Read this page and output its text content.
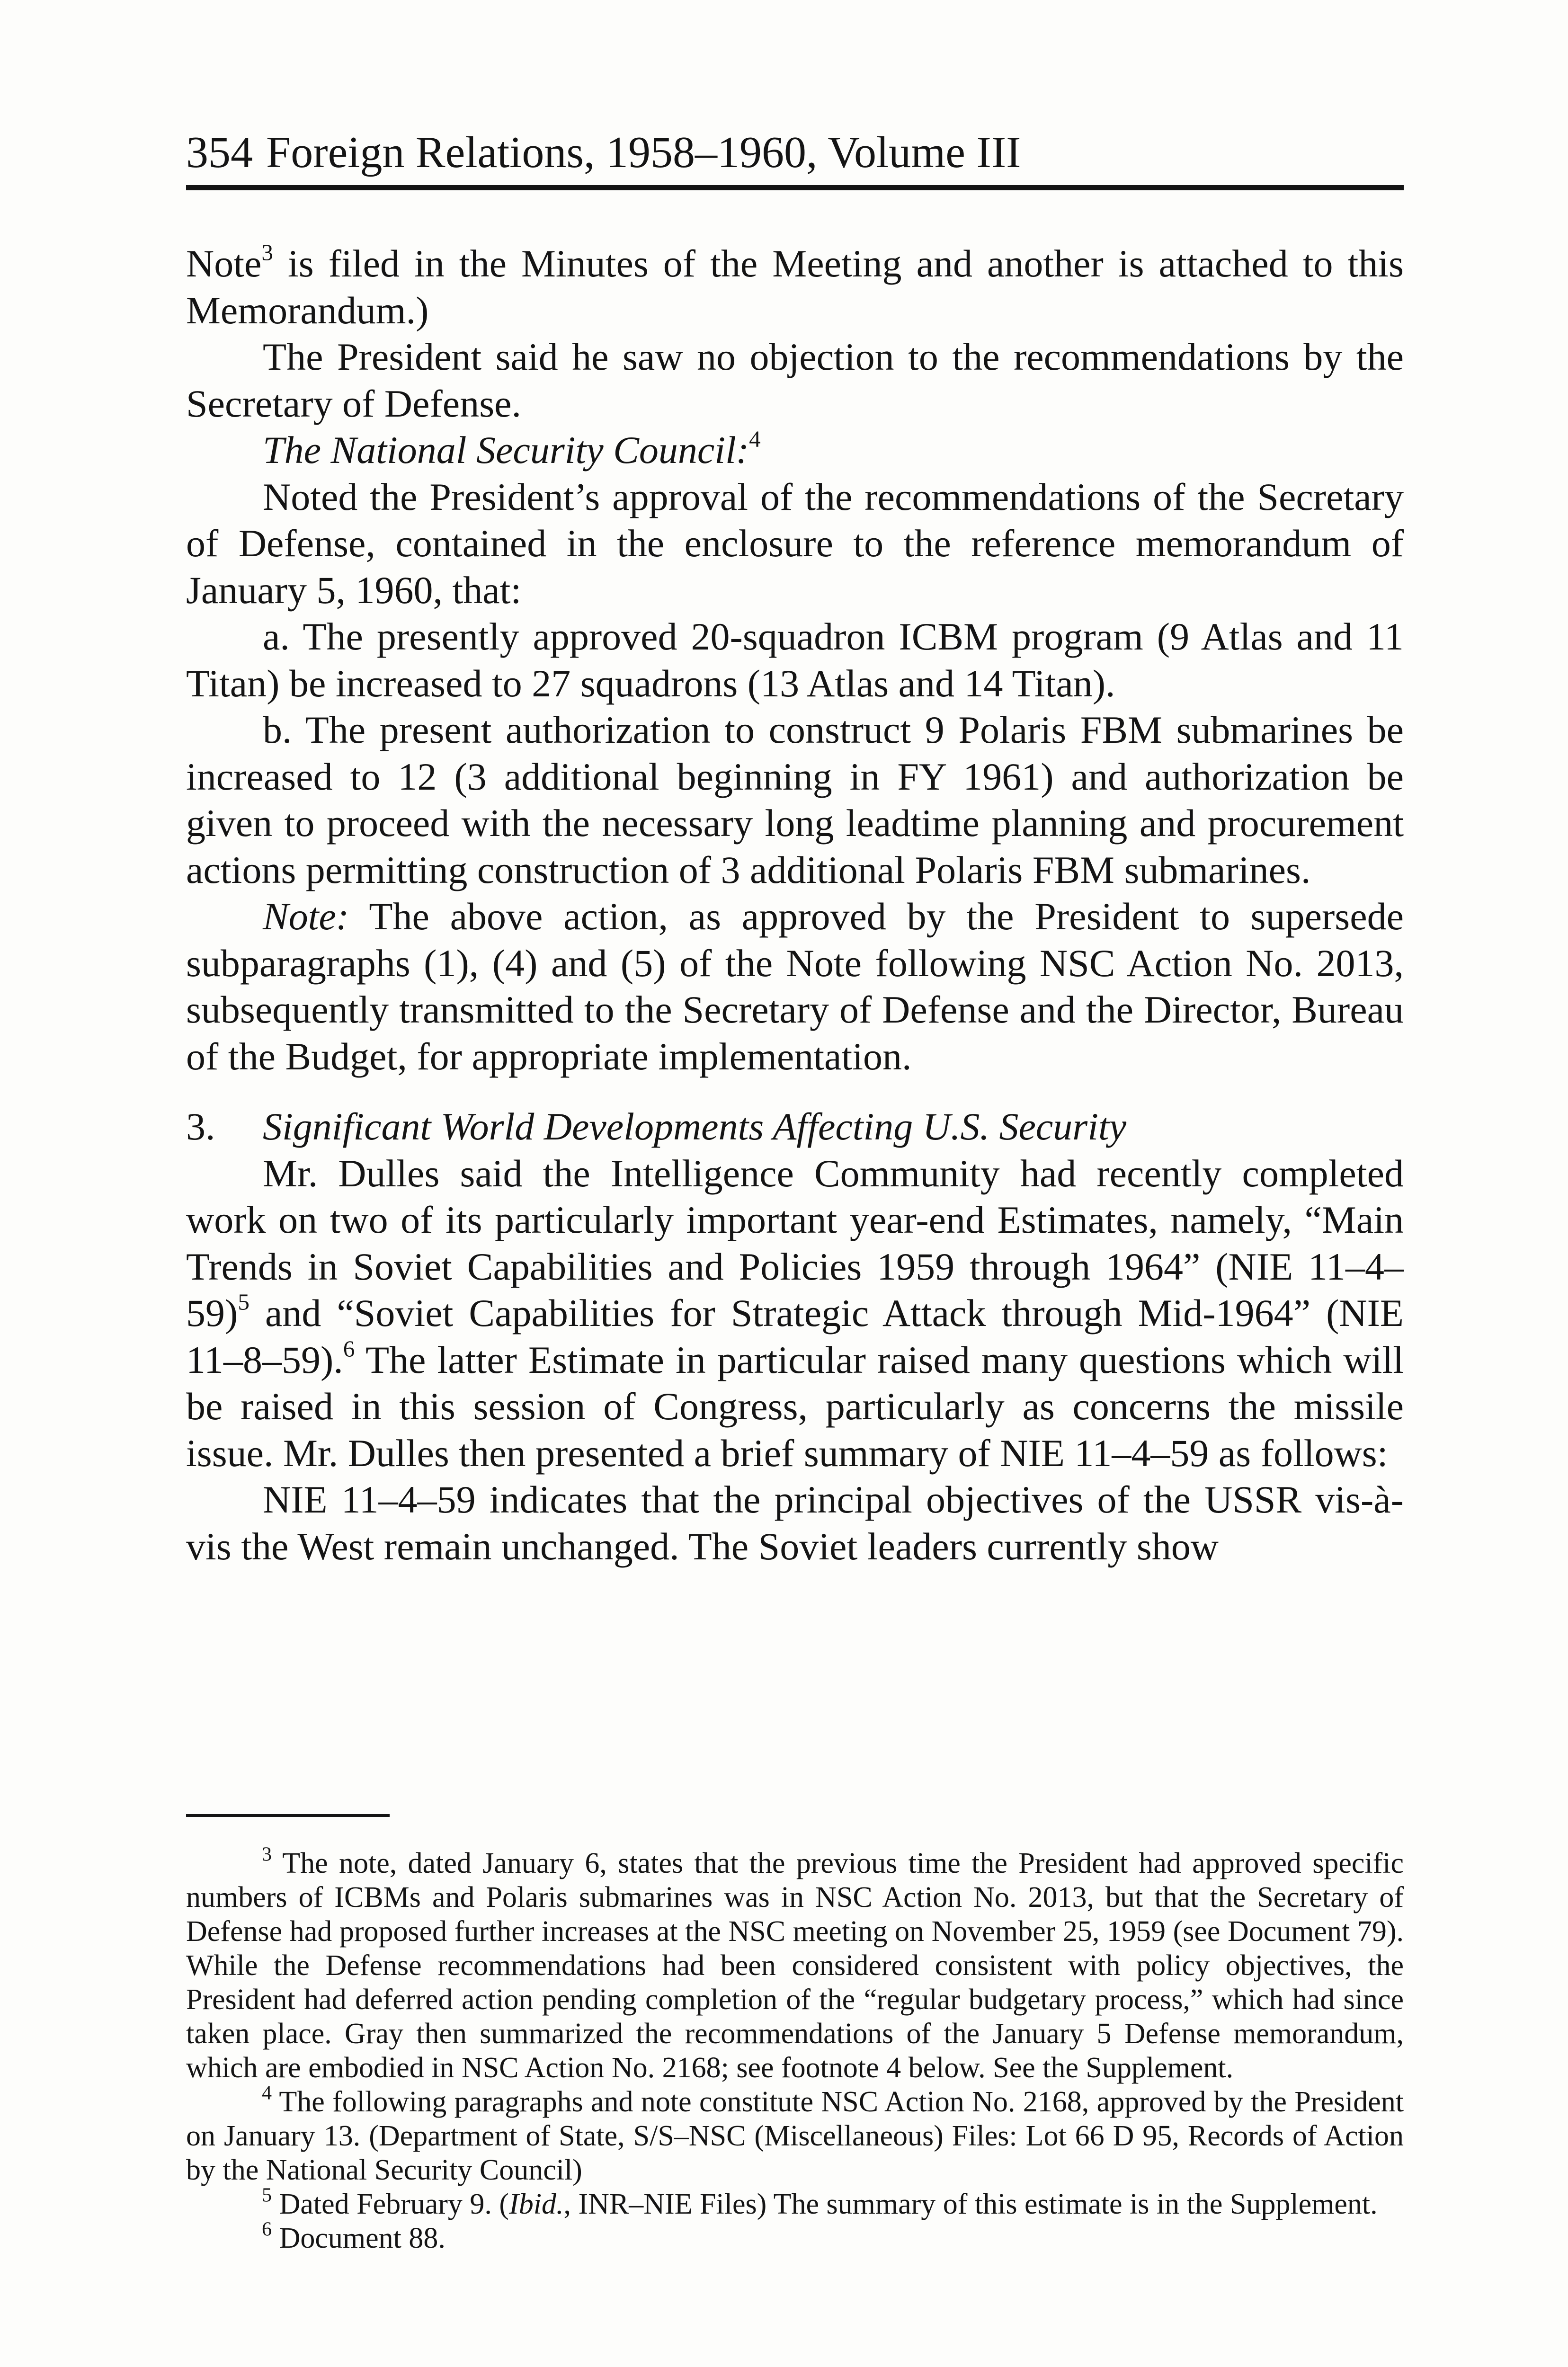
354 Foreign Relations, 1958–1960, Volume III

Note$^3$ is filed in the Minutes of the Meeting and another is attached to this Memorandum.)

The President said he saw no objection to the recommendations by the Secretary of Defense.

The National Security Council:$^4$

Noted the President’s approval of the recommendations of the Secretary of Defense, contained in the enclosure to the reference memorandum of January 5, 1960, that:

a. The presently approved 20-squadron ICBM program (9 Atlas and 11 Titan) be increased to 27 squadrons (13 Atlas and 14 Titan).

b. The present authorization to construct 9 Polaris FBM submarines be increased to 12 (3 additional beginning in FY 1961) and authorization be given to proceed with the necessary long leadtime planning and procurement actions permitting construction of 3 additional Polaris FBM submarines.

Note: The above action, as approved by the President to supersede subparagraphs (1), (4) and (5) of the Note following NSC Action No. 2013, subsequently transmitted to the Secretary of Defense and the Director, Bureau of the Budget, for appropriate implementation.

3. Significant World Developments Affecting U.S. Security

Mr. Dulles said the Intelligence Community had recently completed work on two of its particularly important year-end Estimates, namely, “Main Trends in Soviet Capabilities and Policies 1959 through 1964” (NIE 11–4–59)$^5$ and “Soviet Capabilities for Strategic Attack through Mid-1964” (NIE 11–8–59).$^6$ The latter Estimate in particular raised many questions which will be raised in this session of Congress, particularly as concerns the missile issue. Mr. Dulles then presented a brief summary of NIE 11–4–59 as follows:

NIE 11–4–59 indicates that the principal objectives of the USSR vis-à-vis the West remain unchanged. The Soviet leaders currently show

$^3$ The note, dated January 6, states that the previous time the President had approved specific numbers of ICBMs and Polaris submarines was in NSC Action No. 2013, but that the Secretary of Defense had proposed further increases at the NSC meeting on November 25, 1959 (see Document 79). While the Defense recommendations had been considered consistent with policy objectives, the President had deferred action pending completion of the “regular budgetary process,” which had since taken place. Gray then summarized the recommendations of the January 5 Defense memorandum, which are embodied in NSC Action No. 2168; see footnote 4 below. See the Supplement.

$^4$ The following paragraphs and note constitute NSC Action No. 2168, approved by the President on January 13. (Department of State, S/S–NSC (Miscellaneous) Files: Lot 66 D 95, Records of Action by the National Security Council)

$^5$ Dated February 9. (Ibid., INR–NIE Files) The summary of this estimate is in the Supplement.

$^6$ Document 88.
